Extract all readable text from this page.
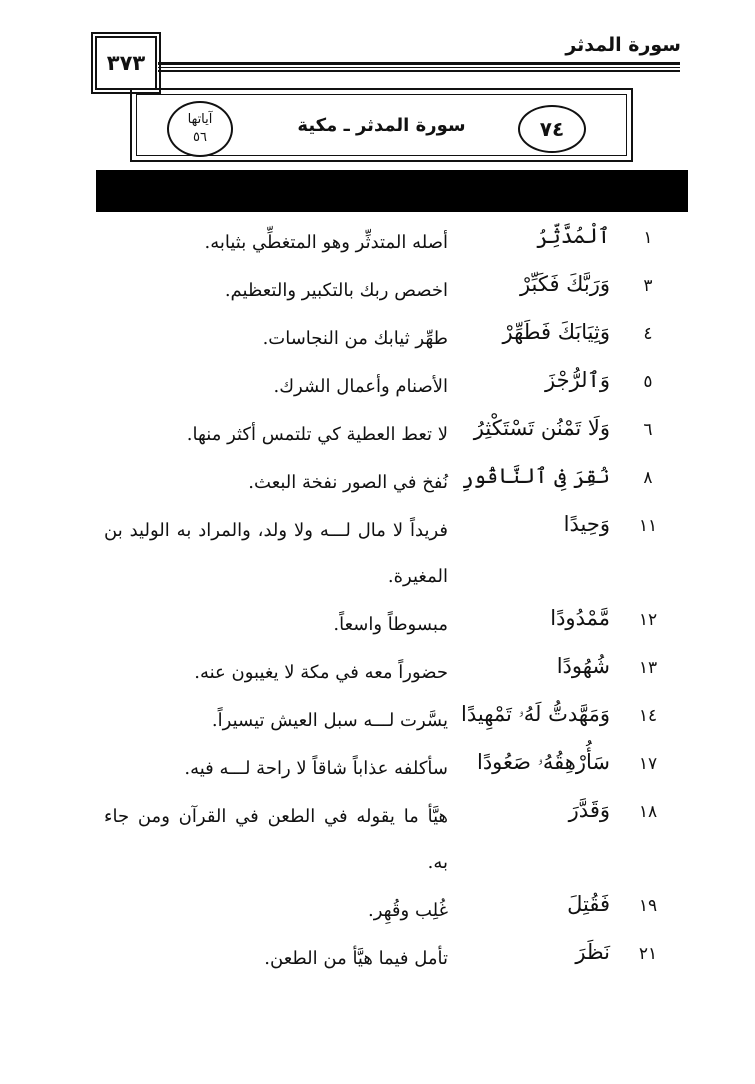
سورة المدثر
٣٧٣
٧٤
سورة المدثر ـ مكية
آياتها
٥٦
١
ٱلْمُدَّثِّرُ
أصله المتدثِّر وهو المتغطِّي بثيابه.
٣
وَرَبَّكَ فَكَبِّرْ
اخصص ربك بالتكبير والتعظيم.
٤
وَثِيَابَكَ فَطَهِّرْ
طهِّر ثيابك من النجاسات.
٥
وَٱلرُّجْزَ
الأصنام وأعمال الشرك.
٦
وَلَا تَمْنُن تَسْتَكْثِرُ
لا تعط العطية كي تلتمس أكثر منها.
٨
نُقِرَ فِى ٱلنَّاقُورِ
نُفخ في الصور نفخة البعث.
١١
وَحِيدًا
فريداً لا مال لـــه ولا ولد، والمراد به الوليد بن المغيرة.
١٢
مَّمْدُودًا
مبسوطاً واسعاً.
١٣
شُهُودًا
حضوراً معه في مكة لا يغيبون عنه.
١٤
وَمَهَّدتُّ لَهُۥ تَمْهِيدًا
يسَّرت لـــه سبل العيش تيسيراً.
١٧
سَأُرْهِقُهُۥ صَعُودًا
سأكلفه عذاباً شاقاً لا راحة لـــه فيه.
١٨
وَقَدَّرَ
هيَّأ ما يقوله في الطعن في القرآن ومن جاء به.
١٩
فَقُتِلَ
غُلِب وقُهِر.
٢١
نَظَرَ
تأمل فيما هيَّأ من الطعن.
